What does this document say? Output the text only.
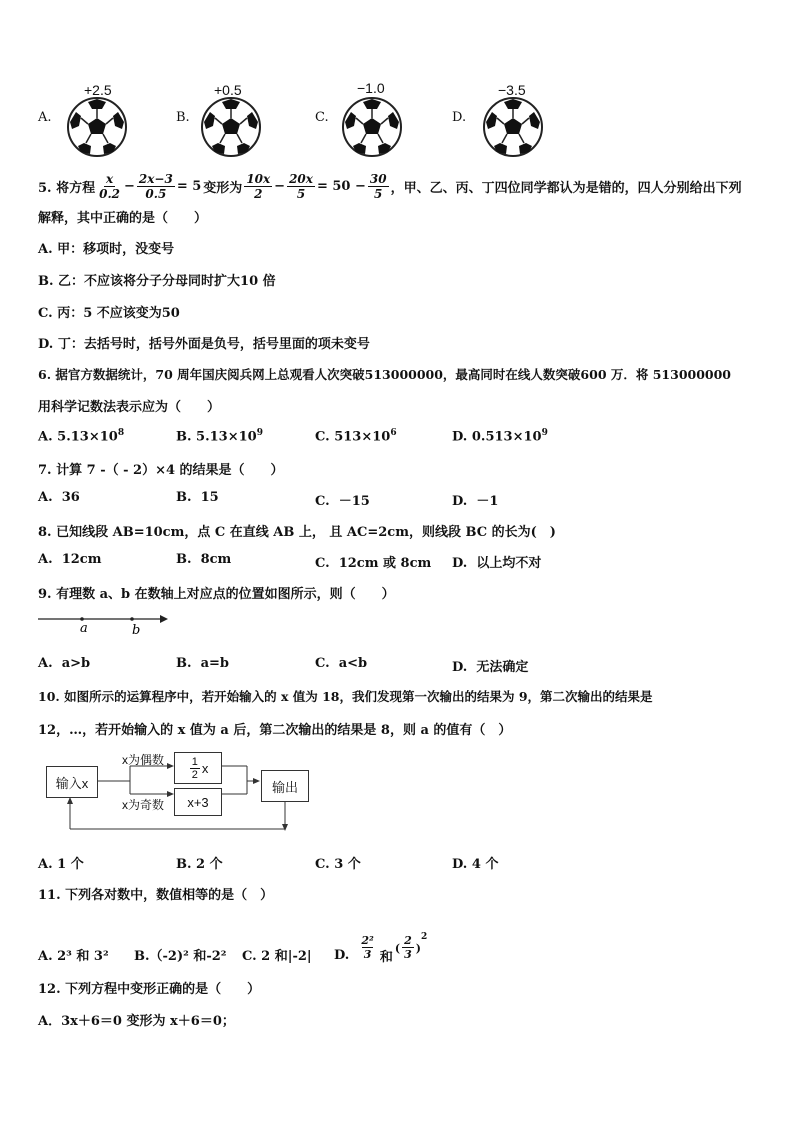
A.
+2.5
B.
+0.5
C.
−1.0
D.
−3.5
5. 将方程 $\frac{x}{0.2} - \frac{2x-3}{0.5} = 5$ 变形为 $\frac{10x}{2} - \frac{20x}{5} = 50 - \frac{30}{5}$ ，甲、乙、丙、丁四位同学都认为是错的，四人分别给出下列
解释，其中正确的是（　　）
A. 甲：移项时，没变号
B. 乙：不应该将分子分母同时扩大10 倍
C. 丙：5 不应该变为50
D. 丁：去括号时，括号外面是负号，括号里面的项未变号
6. 据官方数据统计，70 周年国庆阅兵网上总观看人次突破513000000，最高同时在线人数突破600 万．将 513000000
用科学记数法表示应为（　　）
A. $5.13\times 10^8$	B. $5.13\times 10^9$	C. $513\times 10^6$	D. $0.513\times 10^9$
7. 计算 7 -（ - 2）×4 的结果是（　　）
A. 36	B. 15	C. －15	D. －1
8. 已知线段 AB=10cm，点 C 在直线 AB 上， 且 AC=2cm，则线段 BC 的长为(　)
A. 12cm	B. 8cm	C. 12cm 或 8cm D. 以上均不对
9. 有理数 a、b 在数轴上对应点的位置如图所示，则（　　）
a	b
A. a>b	B. a=b	C. a<b	D. 无法确定
10. 如图所示的运算程序中，若开始输入的 x 值为 18，我们发现第一次输出的结果为 9，第二次输出的结果是
12，…，若开始输入的 x 值为 a 后，第二次输出的结果是 8，则 a 的值有（　）
输入x
x为偶数 $\frac{1}{2}$ x
x为奇数	x+3
输出
A. 1 个	B. 2 个	C. 3 个	D. 4 个
11. 下列各对数中，数值相等的是（　）
A. 2³ 和 3² B.（-2)² 和-2² C. 2 和|-2| D. $\frac{\text{2²}}{3}$ 和
( $\frac{2}{3}$ )
2
12. 下列方程中变形正确的是（　　）
A．3x＋6＝0 变形为 x＋6＝0；
